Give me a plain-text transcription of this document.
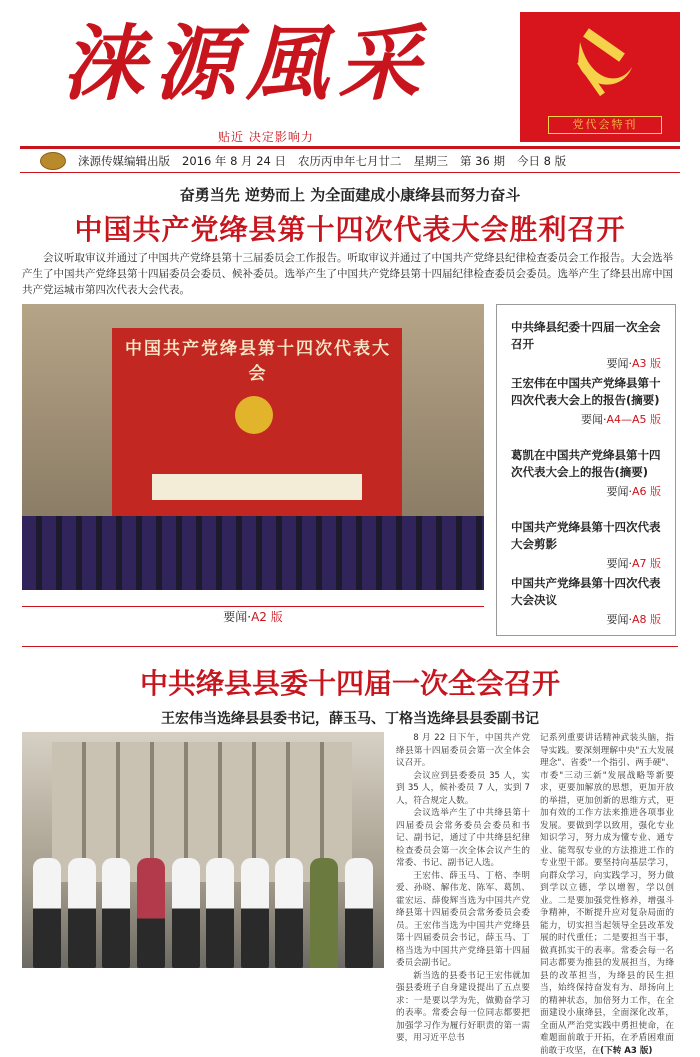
涞源風采
贴近 决定影响力
党代会特刊
涞源传媒编辑出版 2016 年 8 月 24 日 农历丙申年七月廿二 星期三 第 36 期 今日 8 版
奋勇当先 逆势而上 为全面建成小康绛县而努力奋斗
中国共产党绛县第十四次代表大会胜利召开
会议听取审议并通过了中国共产党绛县第十三届委员会工作报告。听取审议并通过了中国共产党绛县纪律检查委员会工作报告。大会选举产生了中国共产党绛县第十四届委员会委员、候补委员。选举产生了中国共产党绛县第十四届纪律检查委员会委员。选举产生了绛县出席中国共产党运城市第四次代表大会代表。
中国共产党绛县第十四次代表大会
要闻·A2 版
中共绛县纪委十四届一次全会召开
要闻·A3 版
王宏伟在中国共产党绛县第十四次代表大会上的报告(摘要)
要闻·A4—A5 版
葛凯在中国共产党绛县第十四次代表大会上的报告(摘要)
要闻·A6 版
中国共产党绛县第十四次代表大会剪影
要闻·A7 版
中国共产党绛县第十四次代表大会决议
要闻·A8 版
中共绛县县委十四届一次全会召开
王宏伟当选绛县县委书记，薛玉马、丁格当选绛县县委副书记

8 月 22 日下午，中国共产党绛县第十四届委员会第一次全体会议召开。

会议应到县委委员 35 人，实到 35 人，候补委员 7 人，实到 7 人，符合规定人数。

会议选举产生了中共绛县第十四届委员会常务委员会委员和书记、副书记，通过了中共绛县纪律检查委员会第一次全体会议产生的常委、书记、副书记人选。

王宏伟、薛玉马、丁格、李明爱、孙晓、解伟龙、陈军、葛凯、霍宏运、薛俊辉当选为中国共产党绛县第十四届委员会常务委员会委员。王宏伟当选为中国共产党绛县第十四届委员会书记，薛玉马、丁格当选为中国共产党绛县第十四届委员会副书记。

新当选的县委书记王宏伟就加强县委班子自身建设提出了五点要求：一是要以学为先，做勤奋学习的表率。常委会每一位同志都要把加强学习作为履行好职责的第一需要，用习近平总书

记系列重要讲话精神武装头脑，指导实践。要深刻理解中央"五大发展理念"、省委"一个指引、两手硬"、市委"三动三新"发展战略等新要求，更要加解放的思想，更加开放的举措，更加创新的思维方式，更加有效的工作方法来推进各项事业发展。要做到学以致用，强化专业知识学习，努力成为懂专业、通专业、能驾驭专业的方法推进工作的专业型干部。要坚持向基层学习，向群众学习，向实践学习，努力做到学以立德，学以增智，学以创业。二是要加强党性修养，增强斗争精神，不断提升应对复杂局面的能力，切实担当起领导全县改革发展的时代重任；二是要担当干事，做真抓实干的表率。常委会每一名同志都要为推县的发展担当，为绛县的改革担当，为绛县的民生担当，始终保持奋发有为、昂扬向上的精神状态，加倍努力工作，在全面建设小康绛县，全面深化改革，全面从严治党实践中勇担使命，在难题面前敢于开拓，在矛盾困难面前敢于攻坚，在(下转 A3 版)
